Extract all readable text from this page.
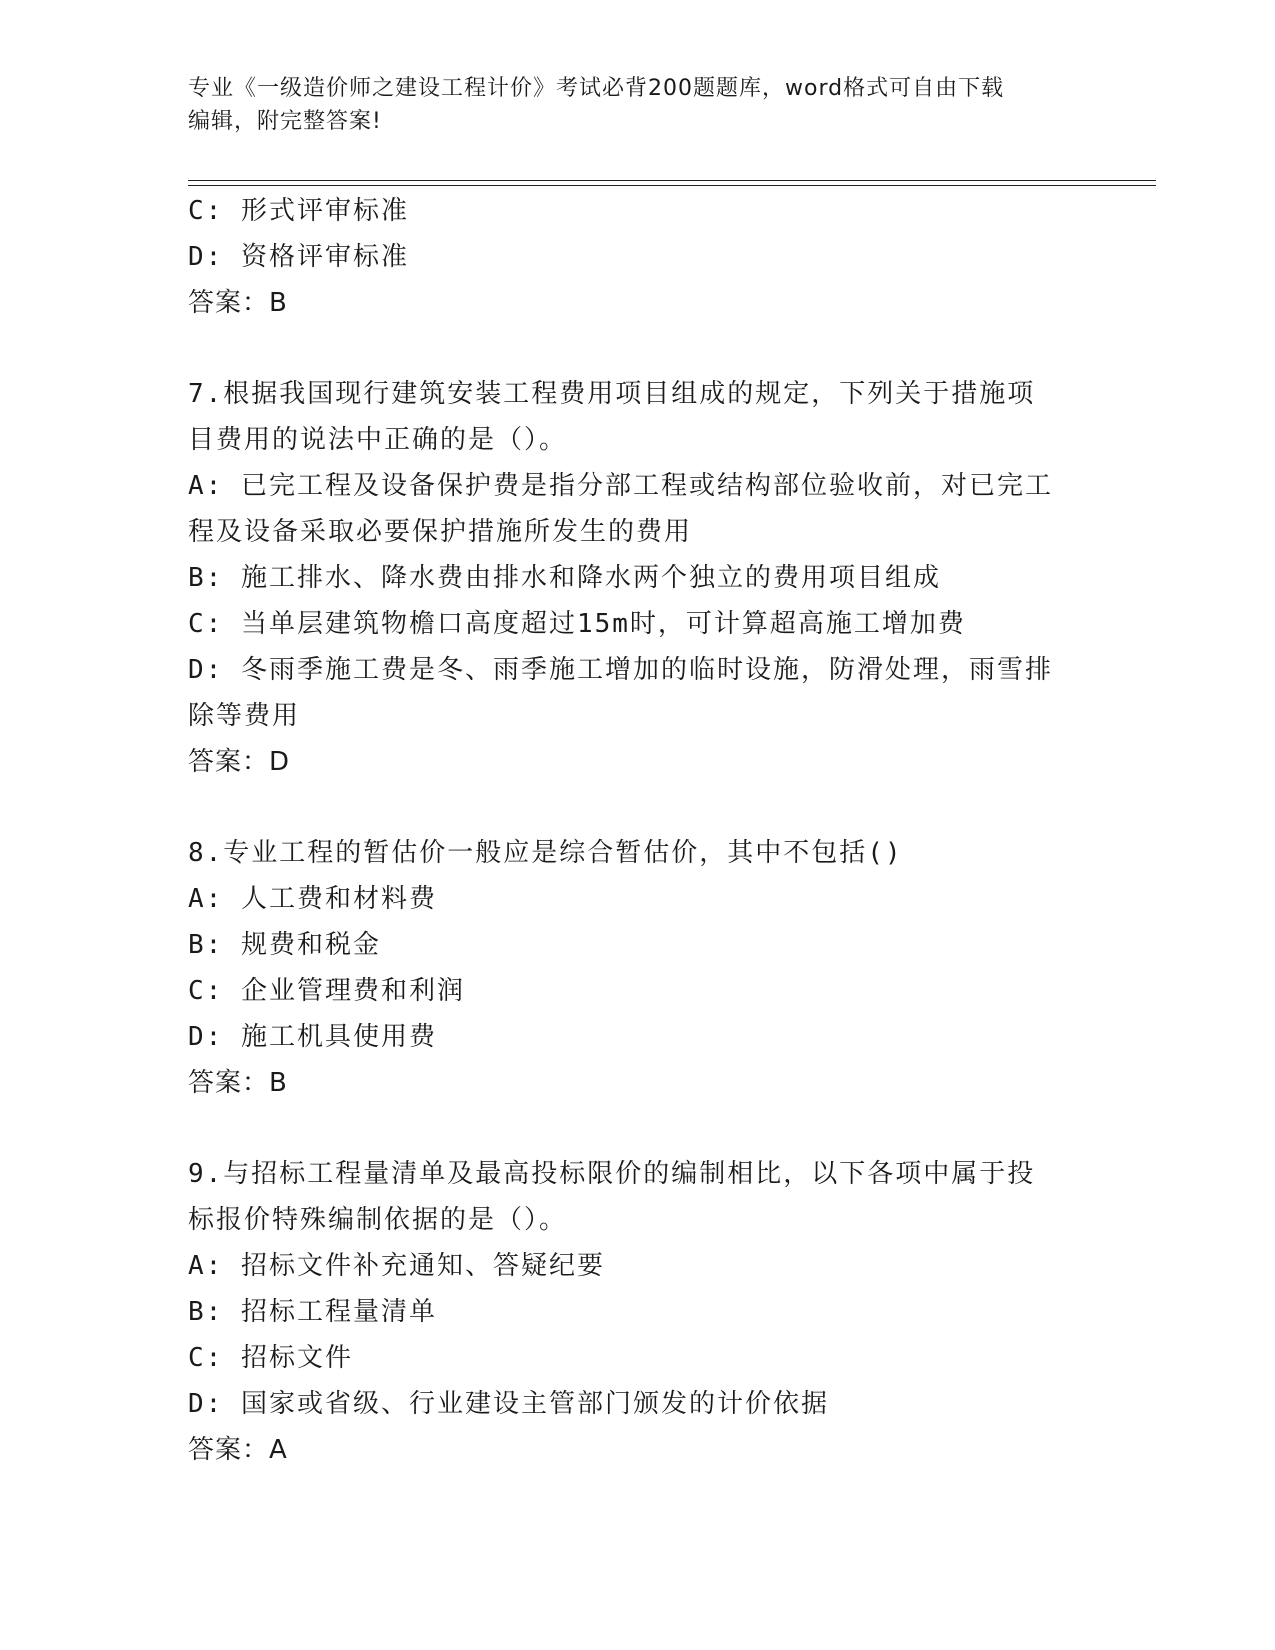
专业《一级造价师之建设工程计价》考试必背200题题库，word格式可自由下载
编辑，附完整答案!
C: 形式评审标准
D: 资格评审标准
答案：B
7.根据我国现行建筑安装工程费用项目组成的规定，下列关于措施项
目费用的说法中正确的是（）。
A: 已完工程及设备保护费是指分部工程或结构部位验收前，对已完工
程及设备采取必要保护措施所发生的费用
B: 施工排水、降水费由排水和降水两个独立的费用项目组成
C: 当单层建筑物檐口高度超过15m时，可计算超高施工增加费
D: 冬雨季施工费是冬、雨季施工增加的临时设施，防滑处理，雨雪排
除等费用
答案：D
8.专业工程的暂估价一般应是综合暂估价，其中不包括()
A: 人工费和材料费
B: 规费和税金
C: 企业管理费和利润
D: 施工机具使用费
答案：B
9.与招标工程量清单及最高投标限价的编制相比，以下各项中属于投
标报价特殊编制依据的是（）。
A: 招标文件补充通知、答疑纪要
B: 招标工程量清单
C: 招标文件
D: 国家或省级、行业建设主管部门颁发的计价依据
答案：A
